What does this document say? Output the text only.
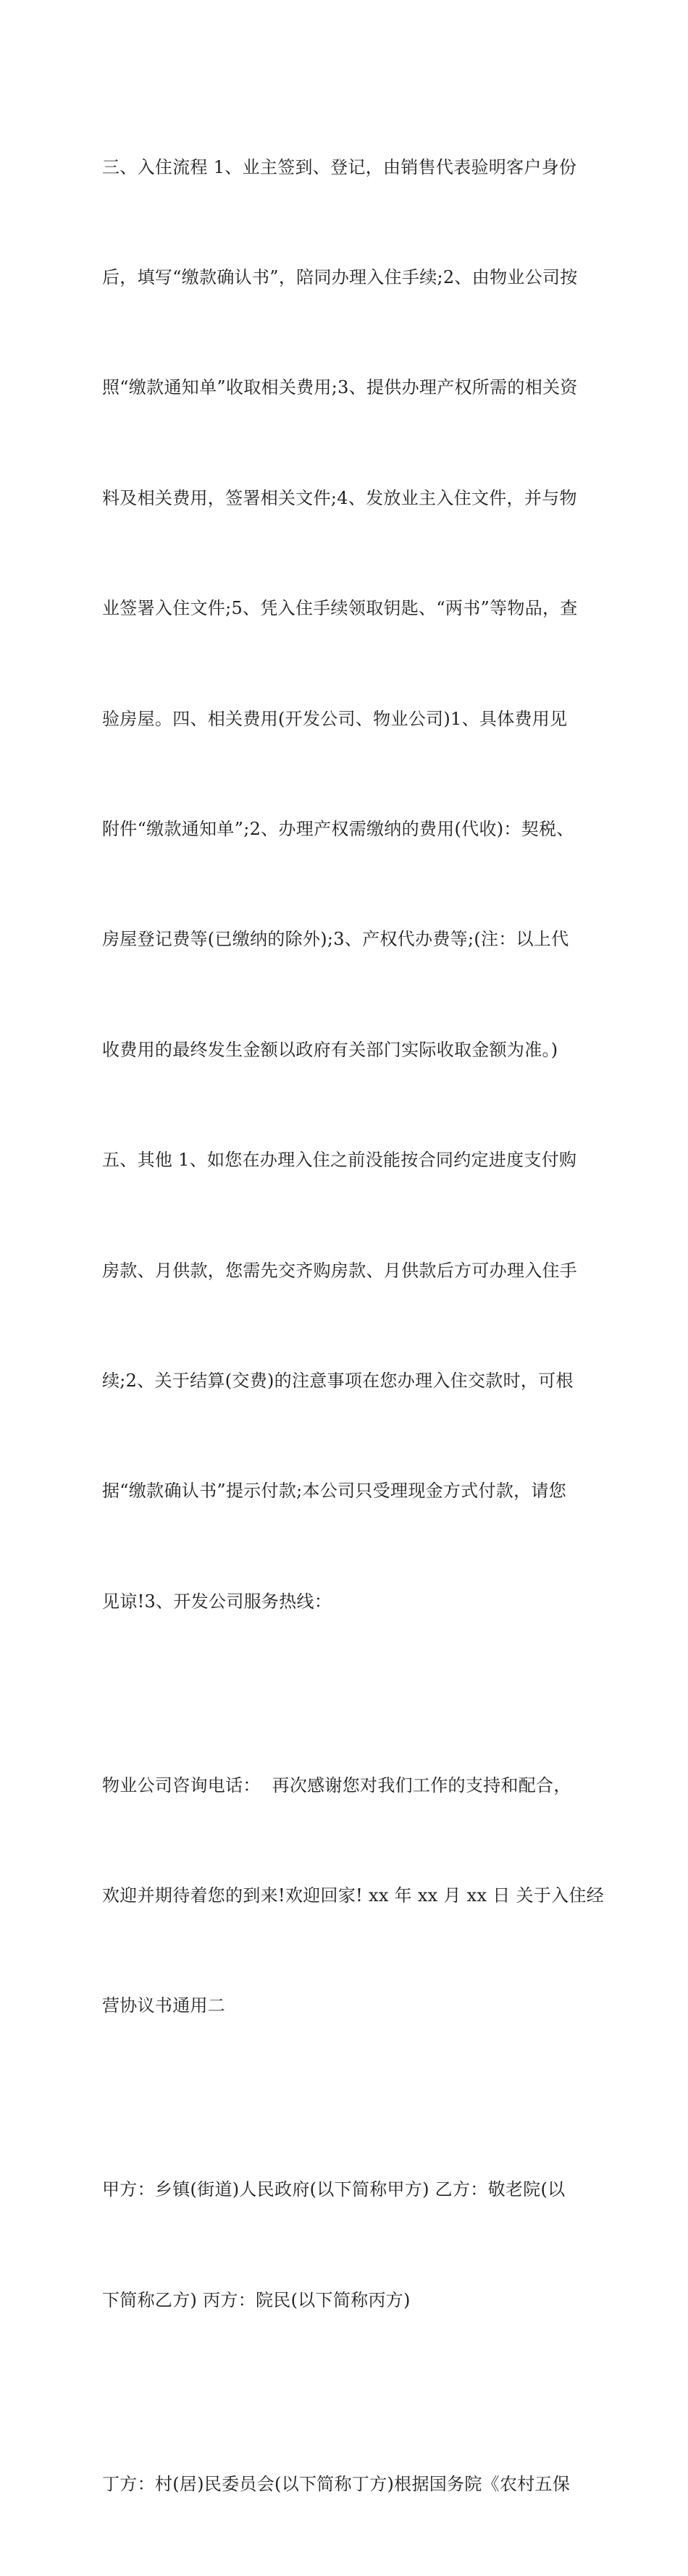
三、入住流程 1、业主签到、登记，由销售代表验明客户身份

后，填写“缴款确认书”，陪同办理入住手续;2、由物业公司按

照“缴款通知单”收取相关费用;3、提供办理产权所需的相关资

料及相关费用，签署相关文件;4、发放业主入住文件，并与物

业签署入住文件;5、凭入住手续领取钥匙、“两书”等物品，查

验房屋。四、相关费用(开发公司、物业公司)1、具体费用见

附件“缴款通知单”;2、办理产权需缴纳的费用(代收)：契税、

房屋登记费等(已缴纳的除外);3、产权代办费等;(注：以上代

收费用的最终发生金额以政府有关部门实际收取金额为准。)

五、其他 1、如您在办理入住之前没能按合同约定进度支付购

房款、月供款，您需先交齐购房款、月供款后方可办理入住手

续;2、关于结算(交费)的注意事项在您办理入住交款时，可根

据“缴款确认书”提示付款;本公司只受理现金方式付款，请您

见谅!3、开发公司服务热线：

物业公司咨询电话：  再次感谢您对我们工作的支持和配合，

欢迎并期待着您的到来!欢迎回家! xx 年 xx 月 xx 日 关于入住经

营协议书通用二

甲方：乡镇(街道)人民政府(以下简称甲方) 乙方：敬老院(以

下简称乙方) 丙方：院民(以下简称丙方)

丁方：村(居)民委员会(以下简称丁方)根据国务院《农村五保
